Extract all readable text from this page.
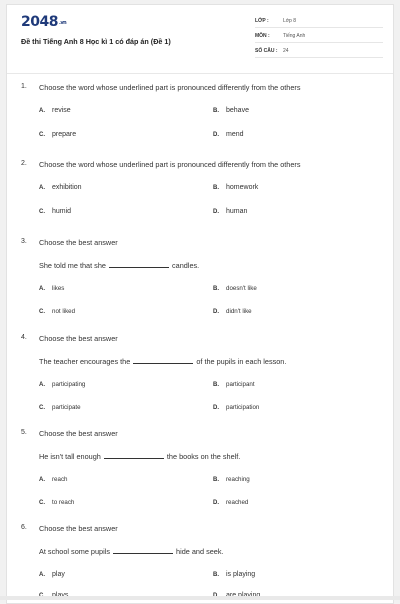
2048.vn
Đề thi Tiếng Anh 8 Học kì 1 có đáp án (Đề 1)
LỚP :	Lớp 8
MÔN :	Tiếng Anh
SỐ CÂU : 24
1. Choose the word whose underlined part is pronounced differently from the others
A. revise	B. behave
C. prepare	D. mend
2. Choose the word whose underlined part is pronounced differently from the others
A. exhibition	B. homework
C. humid	D. human
3. Choose the best answer
She told me that she	candles.
A. likes	B. doesn't like
C. not liked	D. didn't like
4. Choose the best answer
The teacher encourages the	of the pupils in each lesson.
A. participating	B. participant
C. participate	D. participation
5. Choose the best answer
He isn't tall enough	the books on the shelf.
A. reach	B. reaching
C. to reach	D. reached
6. Choose the best answer
At school some pupils	hide and seek.
A. play	B. is playing
